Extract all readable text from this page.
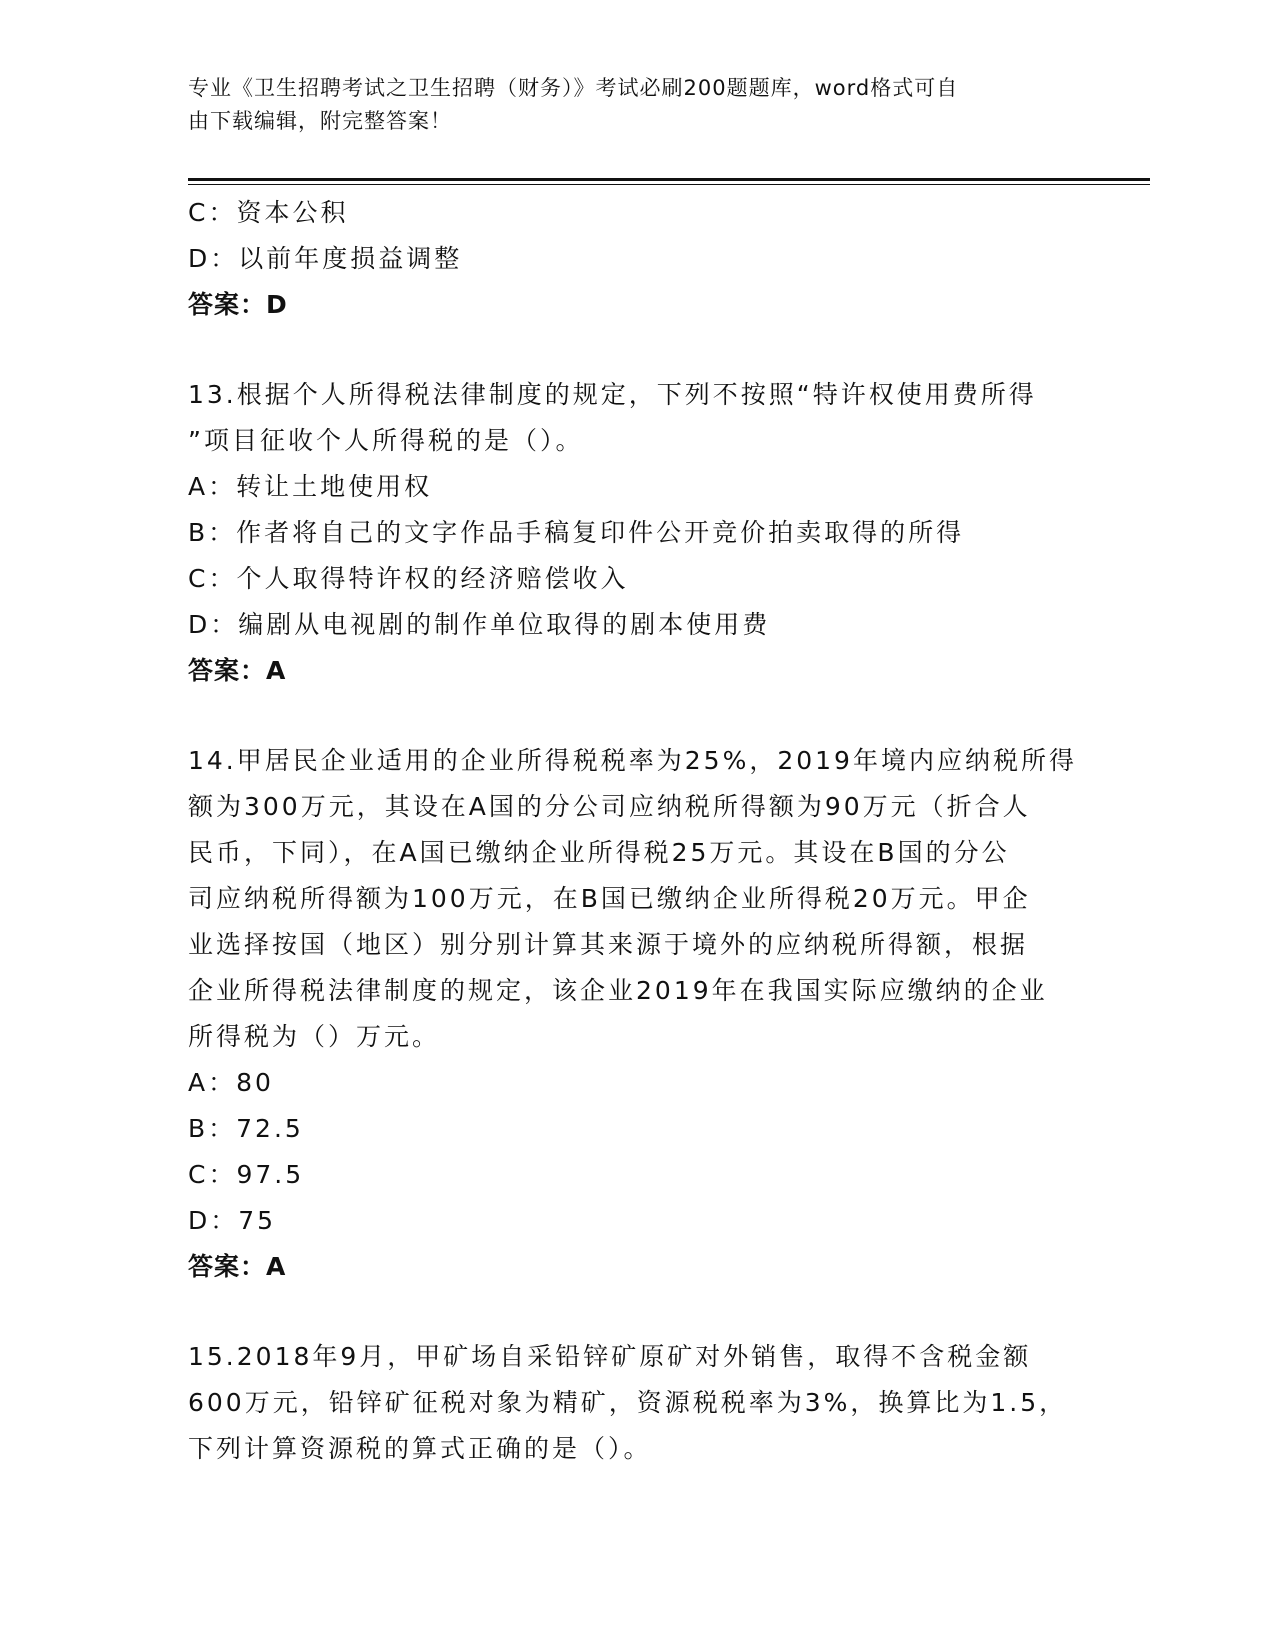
专业《卫生招聘考试之卫生招聘（财务）》考试必刷200题题库，word格式可自
由下载编辑，附完整答案！
C：资本公积
D：以前年度损益调整
答案：D
13.根据个人所得税法律制度的规定，下列不按照“特许权使用费所得
”项目征收个人所得税的是（）。
A：转让土地使用权
B：作者将自己的文字作品手稿复印件公开竞价拍卖取得的所得
C：个人取得特许权的经济赔偿收入
D：编剧从电视剧的制作单位取得的剧本使用费
答案：A
14.甲居民企业适用的企业所得税税率为25%，2019年境内应纳税所得
额为300万元，其设在A国的分公司应纳税所得额为90万元（折合人
民币，下同），在A国已缴纳企业所得税25万元。其设在B国的分公
司应纳税所得额为100万元，在B国已缴纳企业所得税20万元。甲企
业选择按国（地区）别分别计算其来源于境外的应纳税所得额，根据
企业所得税法律制度的规定，该企业2019年在我国实际应缴纳的企业
所得税为（）万元。
A：80
B：72.5
C：97.5
D：75
答案：A
15.2018年9月，甲矿场自采铅锌矿原矿对外销售，取得不含税金额
600万元，铅锌矿征税对象为精矿，资源税税率为3%，换算比为1.5，
下列计算资源税的算式正确的是（）。
